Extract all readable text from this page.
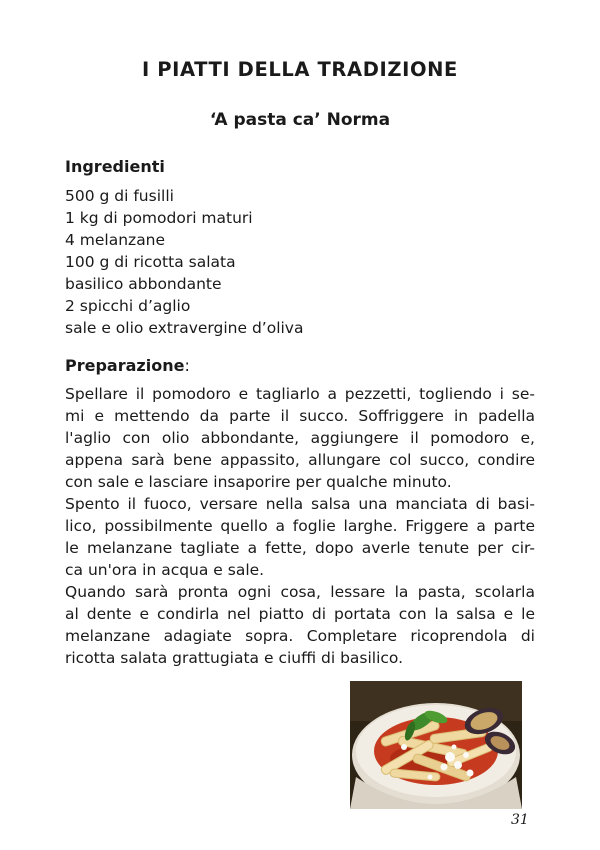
I PIATTI DELLA TRADIZIONE
‘A pasta ca’ Norma
Ingredienti
500 g di fusilli
1 kg di pomodori maturi
4 melanzane
100 g di ricotta salata
basilico abbondante
2 spicchi d’aglio
sale e olio extravergine d’oliva
Preparazione:
Spellare il pomodoro e tagliarlo a pezzetti, togliendo i se-
mi e mettendo da parte il succo. Soffriggere in padella
l'aglio con olio abbondante, aggiungere il pomodoro e,
appena sarà bene appassito, allungare col succo, condire
con sale e lasciare insaporire per qualche minuto.
Spento il fuoco, versare nella salsa una manciata di basi-
lico, possibilmente quello a foglie larghe. Friggere a parte
le melanzane tagliate a fette, dopo averle tenute per cir-
ca un'ora in acqua e sale.
Quando sarà pronta ogni cosa, lessare la pasta, scolarla
al dente e condirla nel piatto di portata con la salsa e le
melanzane adagiate sopra. Completare ricoprendola di
ricotta salata grattugiata e ciuffi di basilico.
31
